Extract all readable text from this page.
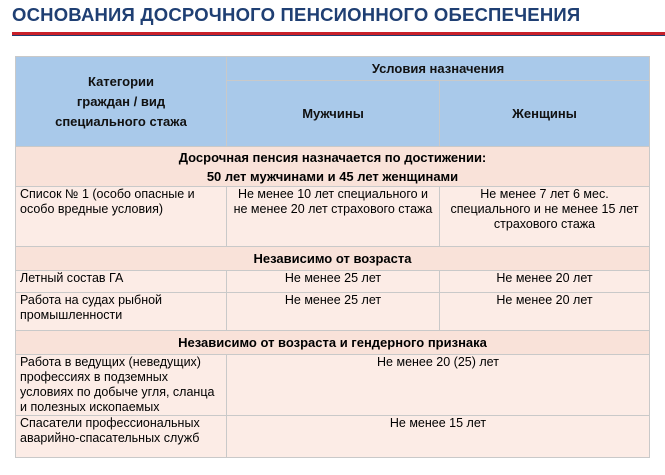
ОСНОВАНИЯ ДОСРОЧНОГО ПЕНСИОННОГО ОБЕСПЕЧЕНИЯ
Категории
граждан / вид
специального стажа	Условия назначения	
	Мужчины	Женщины

Досрочная пенсия назначается по достижении:
50 лет мужчинами и 45 лет женщинами		

Список № 1 (особо опасные и особо вредные условия)	Не менее 10 лет специального и не менее 20 лет страхового стажа	Не менее 7 лет 6 мес. специального и не менее 15 лет страхового стажа
Независимо от возраста		
Летный состав ГА	Не менее 25 лет	Не менее 20 лет
Работа на судах рыбной промышленности	Не менее 25 лет	Не менее 20 лет
Независимо от возраста и гендерного признака		
Работа в ведущих (неведущих) профессиях в подземных условиях по добыче угля, сланца и полезных ископаемых	Не менее 20 (25) лет	
Спасатели профессиональных аварийно-спасательных служб	Не менее 15 лет	
